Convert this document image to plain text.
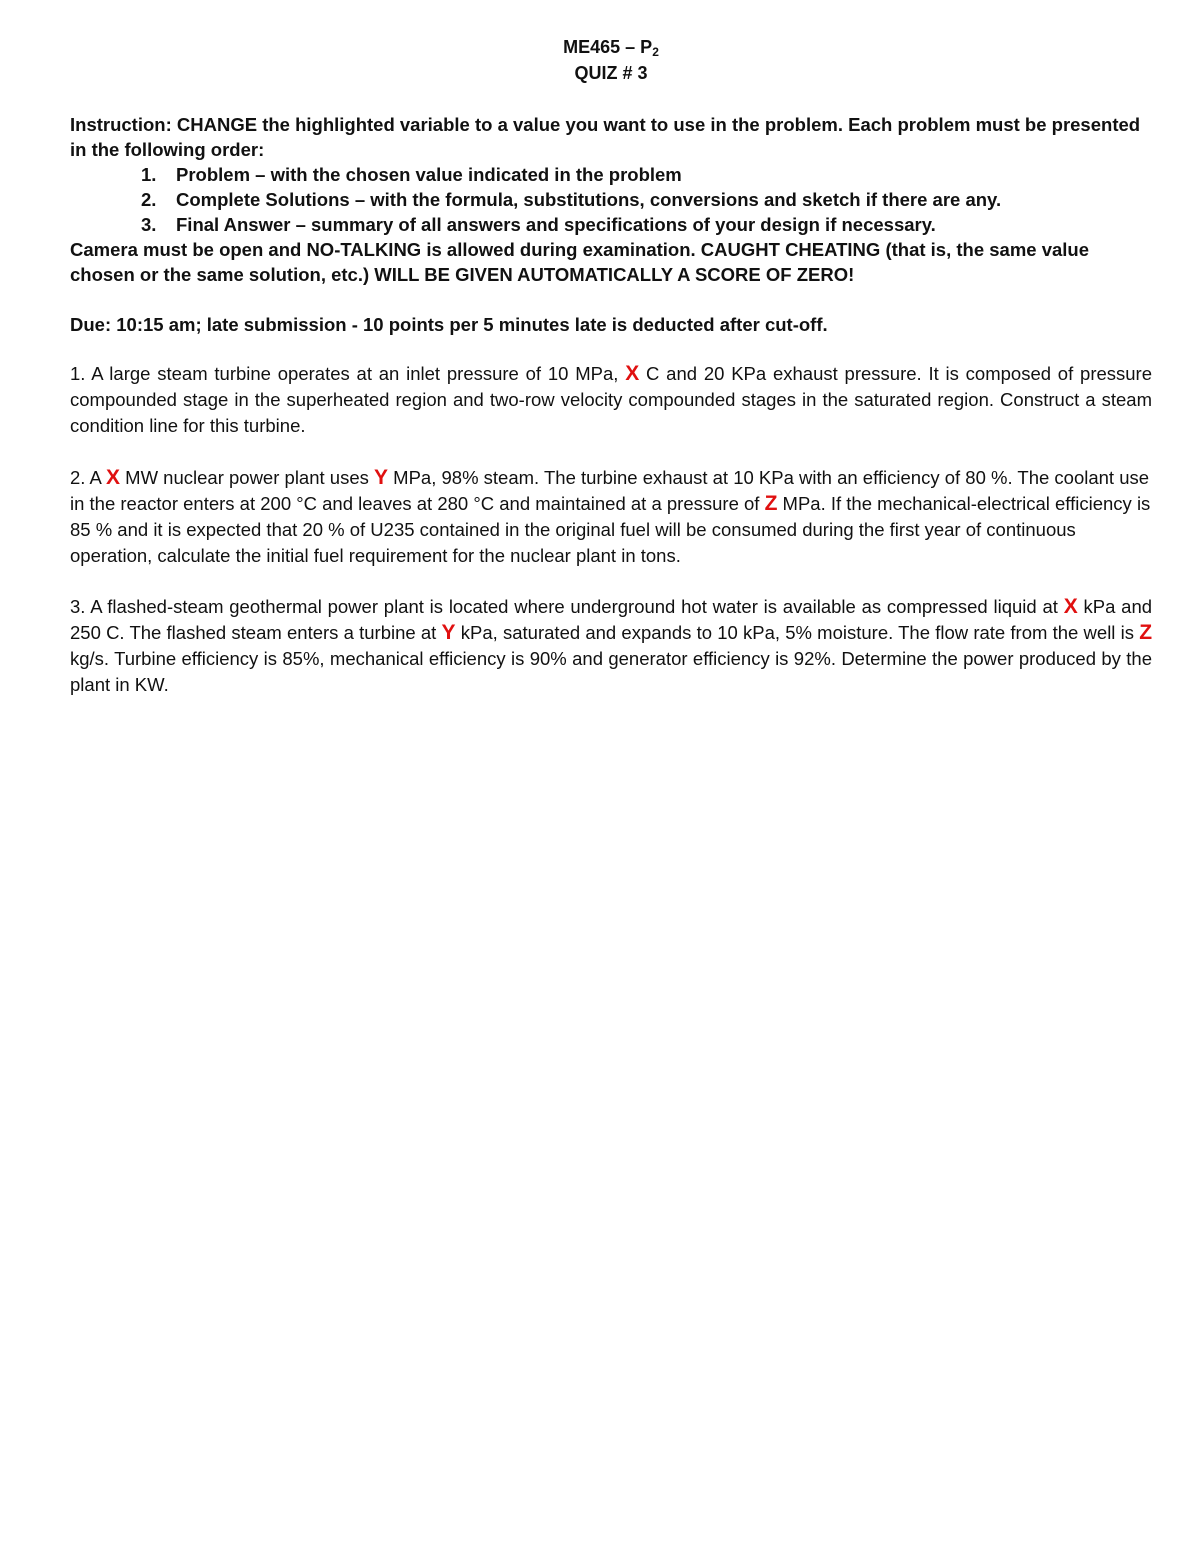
$ME465 - P_2$
QUIZ # 3
Instruction: CHANGE the highlighted variable to a value you want to use in the problem. Each problem must be presented in the following order:
1. Problem – with the chosen value indicated in the problem
2. Complete Solutions – with the formula, substitutions, conversions and sketch if there are any.
3. Final Answer – summary of all answers and specifications of your design if necessary.
Camera must be open and NO-TALKING is allowed during examination. CAUGHT CHEATING (that is, the same value chosen or the same solution, etc.) WILL BE GIVEN AUTOMATICALLY A SCORE OF ZERO!
Due: 10:15 am; late submission - 10 points per 5 minutes late is deducted after cut-off.
1. A large steam turbine operates at an inlet pressure of 10 MPa, X C and 20 KPa exhaust pressure. It is composed of pressure compounded stage in the superheated region and two-row velocity compounded stages in the saturated region. Construct a steam condition line for this turbine.
2. A X MW nuclear power plant uses Y MPa, 98% steam. The turbine exhaust at 10 KPa with an efficiency of 80 %. The coolant use in the reactor enters at 200 °C and leaves at 280 °C and maintained at a pressure of Z MPa. If the mechanical-electrical efficiency is 85 % and it is expected that 20 % of U235 contained in the original fuel will be consumed during the first year of continuous operation, calculate the initial fuel requirement for the nuclear plant in tons.
3. A flashed-steam geothermal power plant is located where underground hot water is available as compressed liquid at X kPa and 250 C. The flashed steam enters a turbine at Y kPa, saturated and expands to 10 kPa, 5% moisture. The flow rate from the well is Z kg/s. Turbine efficiency is 85%, mechanical efficiency is 90% and generator efficiency is 92%. Determine the power produced by the plant in KW.
